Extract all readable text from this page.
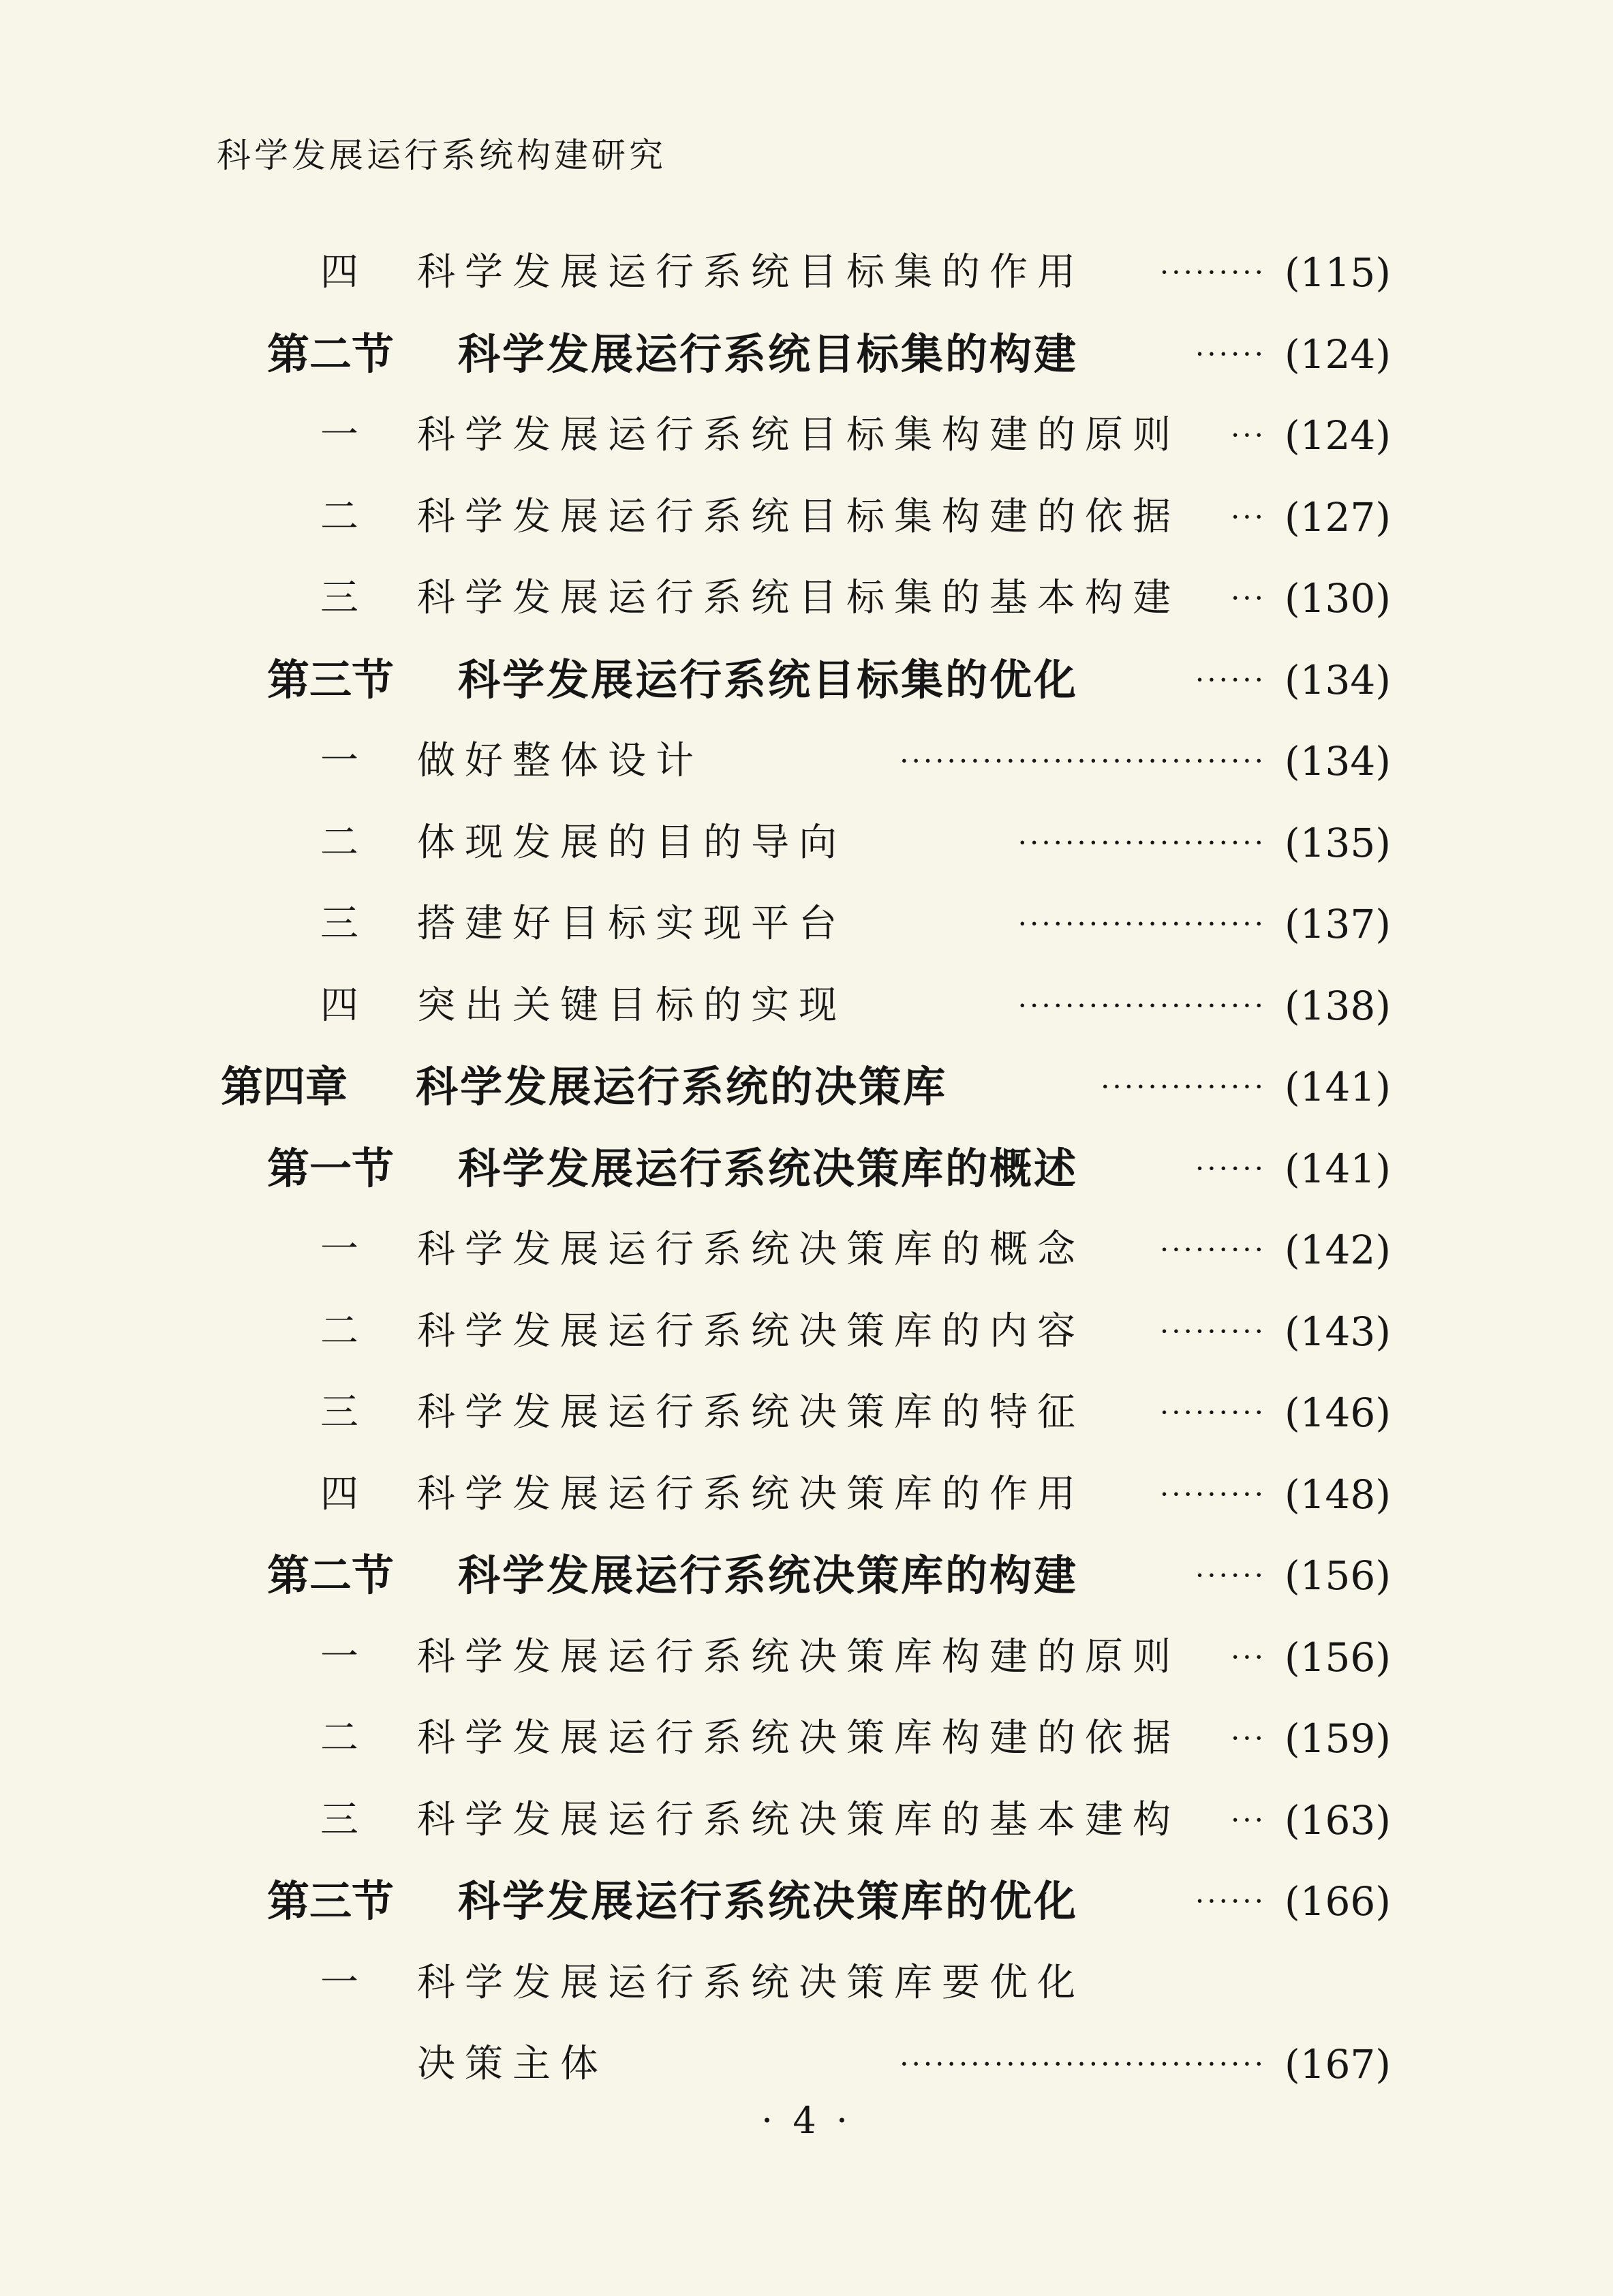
科学发展运行系统构建研究
四 科学发展运行系统目标集的作用	········· (115)
第二节 科学发展运行系统目标集的构建	······ (124)
一 科学发展运行系统目标集构建的原则 ··· (124)
二 科学发展运行系统目标集构建的依据 ··· (127)
三 科学发展运行系统目标集的基本构建 ··· (130)
第三节 科学发展运行系统目标集的优化	······ (134)
一 做好整体设计	······························· (134)
二 体现发展的目的导向	····················· (135)
三 搭建好目标实现平台	····················· (137)
四 突出关键目标的实现	····················· (138)
第四章 科学发展运行系统的决策库	·············· (141)
第一节 科学发展运行系统决策库的概述	······ (141)
一 科学发展运行系统决策库的概念	········· (142)
二 科学发展运行系统决策库的内容	········· (143)
三 科学发展运行系统决策库的特征	········· (146)
四 科学发展运行系统决策库的作用	········· (148)
第二节 科学发展运行系统决策库的构建	······ (156)
一 科学发展运行系统决策库构建的原则 ··· (156)
二 科学发展运行系统决策库构建的依据 ··· (159)
三 科学发展运行系统决策库的基本建构 ··· (163)
第三节 科学发展运行系统决策库的优化	······ (166)
一 科学发展运行系统决策库要优化
决策主体	······························· (167)
· 4 ·
